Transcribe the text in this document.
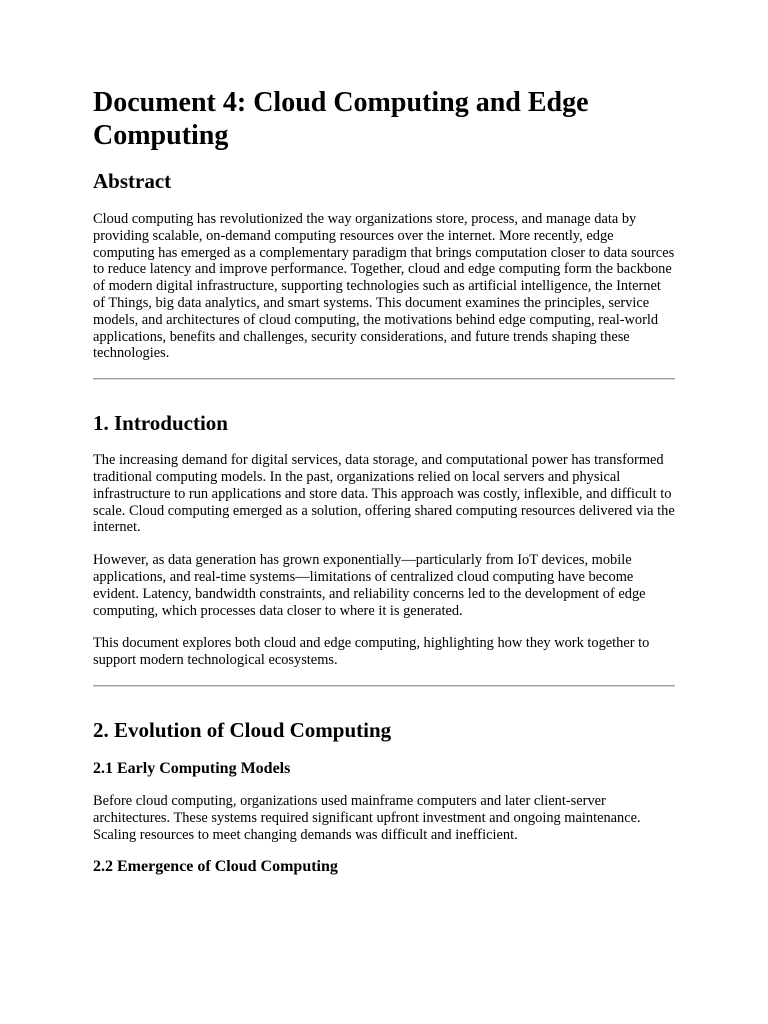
Document 4: Cloud Computing and Edge Computing
Abstract

Cloud computing has revolutionized the way organizations store, process, and manage data by providing scalable, on-demand computing resources over the internet. More recently, edge computing has emerged as a complementary paradigm that brings computation closer to data sources to reduce latency and improve performance. Together, cloud and edge computing form the backbone of modern digital infrastructure, supporting technologies such as artificial intelligence, the Internet of Things, big data analytics, and smart systems. This document examines the principles, service models, and architectures of cloud computing, the motivations behind edge computing, real-world applications, benefits and challenges, security considerations, and future trends shaping these technologies.

1. Introduction

The increasing demand for digital services, data storage, and computational power has transformed traditional computing models. In the past, organizations relied on local servers and physical infrastructure to run applications and store data. This approach was costly, inflexible, and difficult to scale. Cloud computing emerged as a solution, offering shared computing resources delivered via the internet.

However, as data generation has grown exponentially—particularly from IoT devices, mobile applications, and real-time systems—limitations of centralized cloud computing have become evident. Latency, bandwidth constraints, and reliability concerns led to the development of edge computing, which processes data closer to where it is generated.

This document explores both cloud and edge computing, highlighting how they work together to support modern technological ecosystems.

2. Evolution of Cloud Computing
2.1 Early Computing Models

Before cloud computing, organizations used mainframe computers and later client-server architectures. These systems required significant upfront investment and ongoing maintenance. Scaling resources to meet changing demands was difficult and inefficient.

2.2 Emergence of Cloud Computing
